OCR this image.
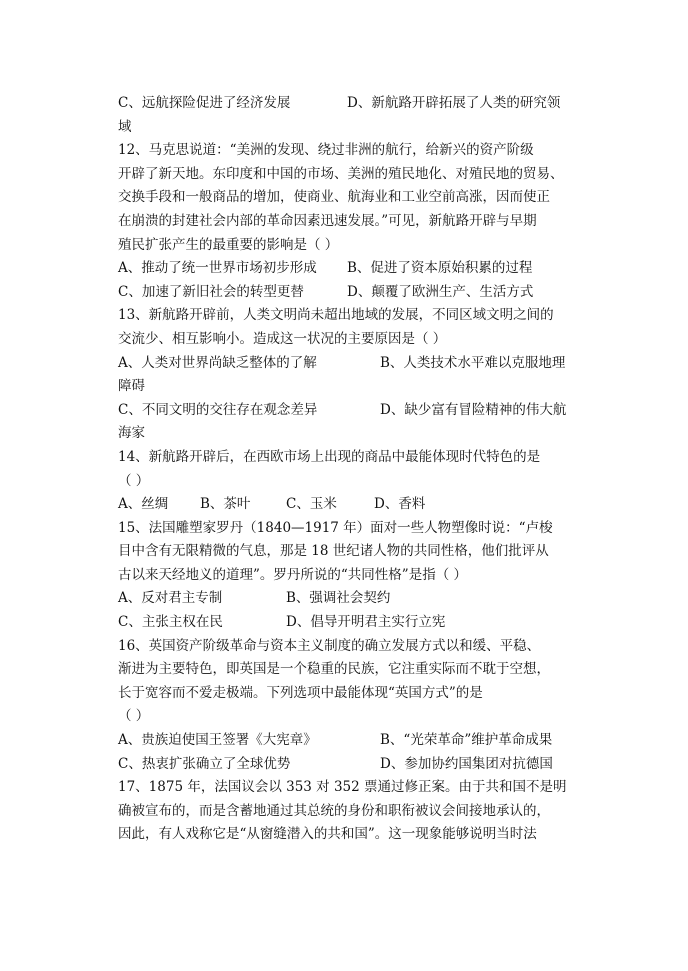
C、远航探险促进了经济发展	D、新航路开辟拓展了人类的研究领
域
12、马克思说道：“美洲的发现、绕过非洲的航行，给新兴的资产阶级
开辟了新天地。东印度和中国的市场、美洲的殖民地化、对殖民地的贸易、
交换手段和一般商品的增加，使商业、航海业和工业空前高涨，因而使正
在崩溃的封建社会内部的革命因素迅速发展。”可见，新航路开辟与早期
殖民扩张产生的最重要的影响是（ ）
A、推动了统一世界市场初步形成	B、促进了资本原始积累的过程
C、加速了新旧社会的转型更替	D、颠覆了欧洲生产、生活方式
13、新航路开辟前，人类文明尚未超出地域的发展，不同区域文明之间的
交流少、相互影响小。造成这一状况的主要原因是（ ）
A、人类对世界尚缺乏整体的了解	B、人类技术水平难以克服地理
障碍
C、不同文明的交往存在观念差异	D、缺少富有冒险精神的伟大航
海家
14、新航路开辟后，在西欧市场上出现的商品中最能体现时代特色的是
（ ）
A、丝绸	B、茶叶	C、玉米	D、香料
15、法国雕塑家罗丹（1840—1917 年）面对一些人物塑像时说：“卢梭
目中含有无限精微的气息，那是 18 世纪诸人物的共同性格，他们批评从
古以来天经地义的道理”。罗丹所说的“共同性格”是指（ ）
A、反对君主专制	B、强调社会契约
C、主张主权在民	D、倡导开明君主实行立宪
16、英国资产阶级革命与资本主义制度的确立发展方式以和缓、平稳、
渐进为主要特色，即英国是一个稳重的民族，它注重实际而不耽于空想，
长于宽容而不爱走极端。下列选项中最能体现“英国方式”的是
（ ）
A、贵族迫使国王签署《大宪章》	B、“光荣革命”维护革命成果
C、热衷扩张确立了全球优势	D、参加协约国集团对抗德国
17、1875 年，法国议会以 353 对 352 票通过修正案。由于共和国不是明
确被宣布的，而是含蓄地通过其总统的身份和职衔被议会间接地承认的，
因此，有人戏称它是“从窗缝潜入的共和国”。这一现象能够说明当时法
